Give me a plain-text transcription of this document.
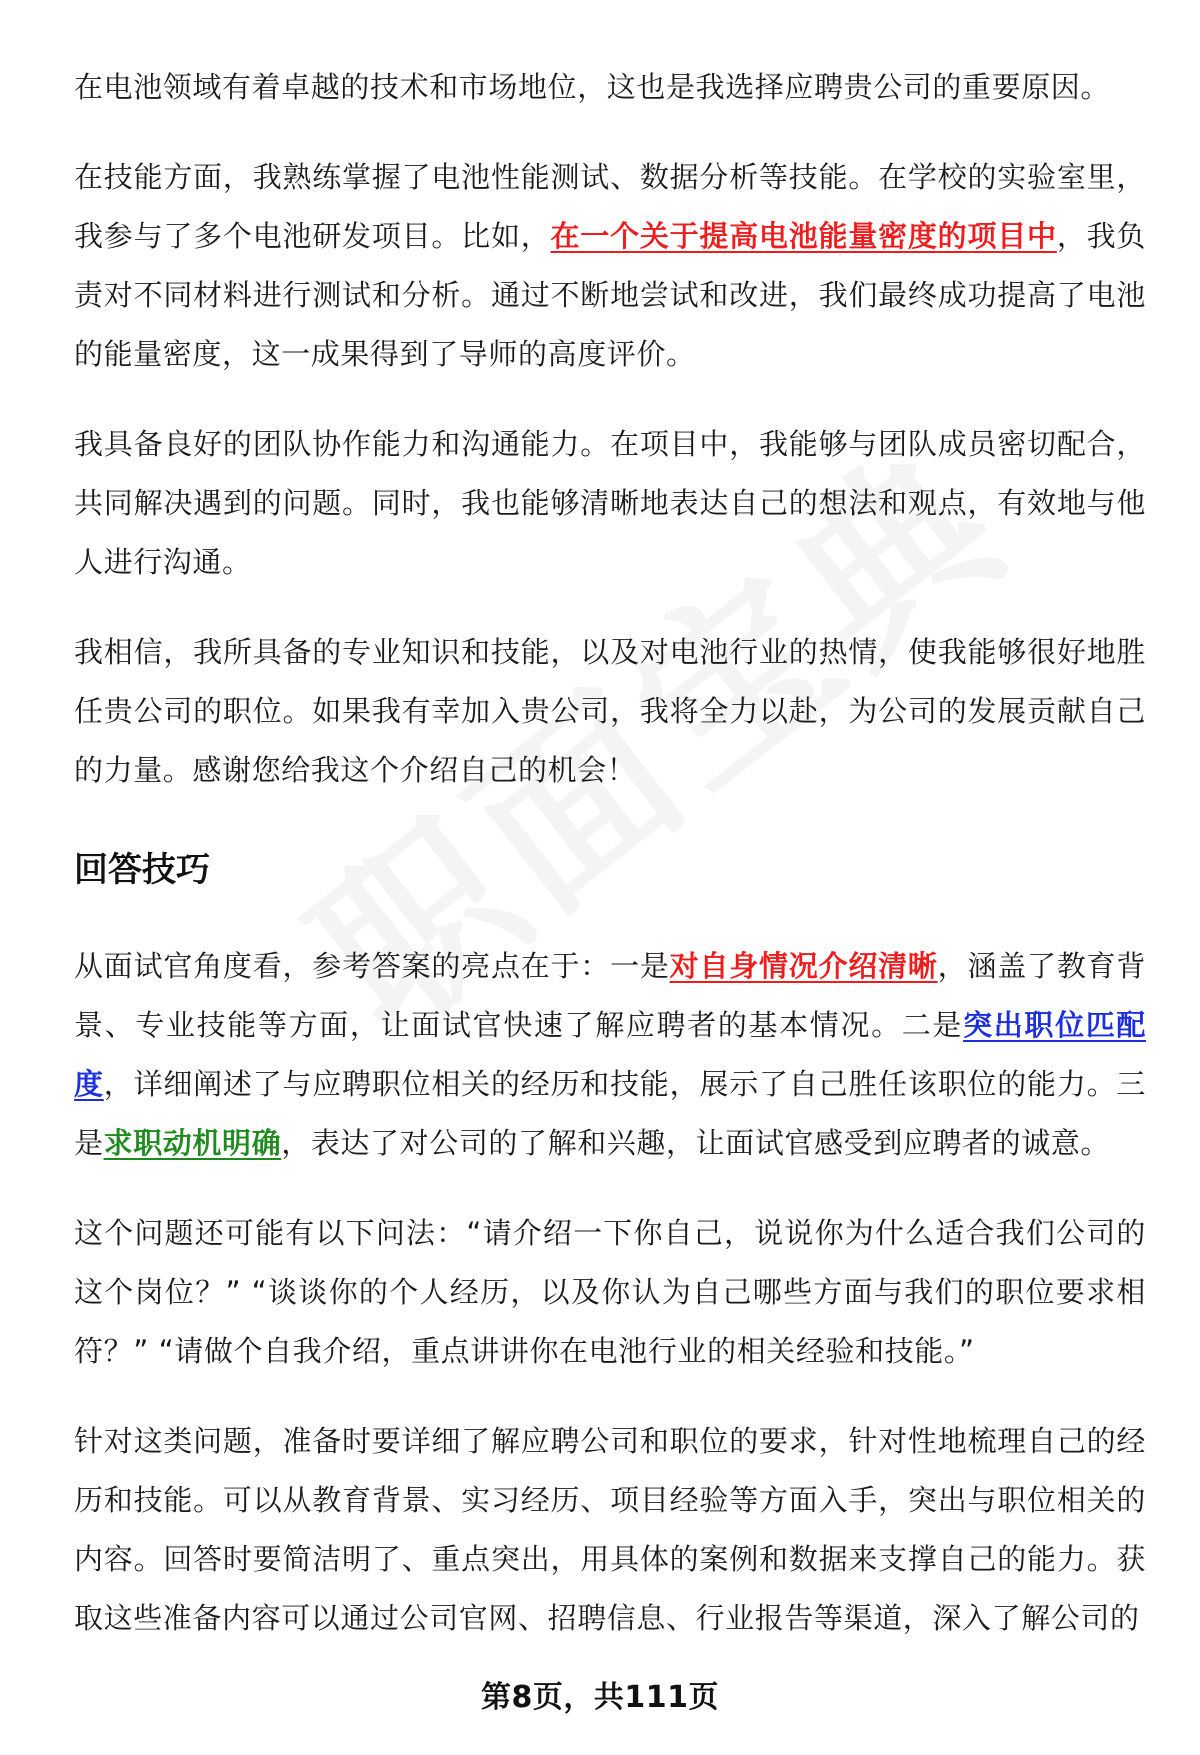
在电池领域有着卓越的技术和市场地位，这也是我选择应聘贵公司的重要原因。

在技能方面，我熟练掌握了电池性能测试、数据分析等技能。在学校的实验室里，我参与了多个电池研发项目。比如，在一个关于提高电池能量密度的项目中，我负责对不同材料进行测试和分析。通过不断地尝试和改进，我们最终成功提高了电池的能量密度，这一成果得到了导师的高度评价。

我具备良好的团队协作能力和沟通能力。在项目中，我能够与团队成员密切配合，共同解决遇到的问题。同时，我也能够清晰地表达自己的想法和观点，有效地与他人进行沟通。

我相信，我所具备的专业知识和技能，以及对电池行业的热情，使我能够很好地胜任贵公司的职位。如果我有幸加入贵公司，我将全力以赴，为公司的发展贡献自己的力量。感谢您给我这个介绍自己的机会！

回答技巧

从面试官角度看，参考答案的亮点在于：一是对自身情况介绍清晰，涵盖了教育背景、专业技能等方面，让面试官快速了解应聘者的基本情况。二是突出职位匹配度，详细阐述了与应聘职位相关的经历和技能，展示了自己胜任该职位的能力。三是求职动机明确，表达了对公司的了解和兴趣，让面试官感受到应聘者的诚意。

这个问题还可能有以下问法：“请介绍一下你自己，说说你为什么适合我们公司的这个岗位？” “谈谈你的个人经历，以及你认为自己哪些方面与我们的职位要求相符？” “请做个自我介绍，重点讲讲你在电池行业的相关经验和技能。”

针对这类问题，准备时要详细了解应聘公司和职位的要求，针对性地梳理自己的经历和技能。可以从教育背景、实习经历、项目经验等方面入手，突出与职位相关的内容。回答时要简洁明了、重点突出，用具体的案例和数据来支撑自己的能力。获取这些准备内容可以通过公司官网、招聘信息、行业报告等渠道，深入了解公司的

第8页，共111页
